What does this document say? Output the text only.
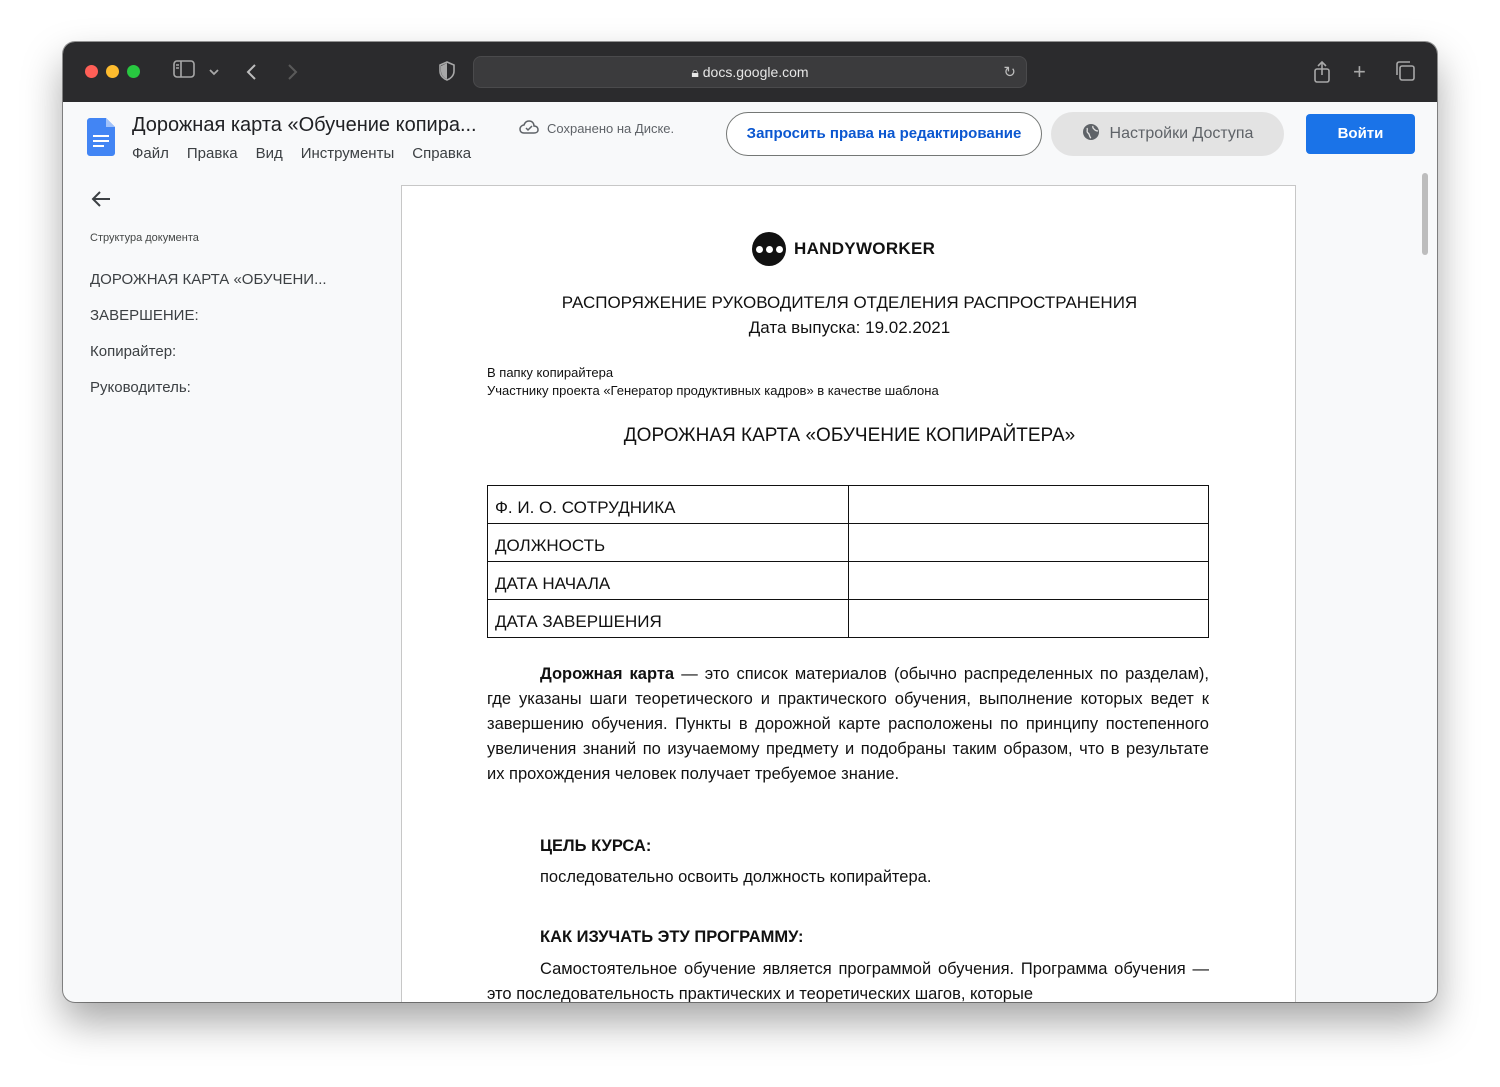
🔒︎ docs.google.com	↻	+
Дорожная карта «Обучение копира...
Файл Правка Вид Инструменты Справка
Сохранено на Диске.	Запросить права на редактирование	Настройки Доступа	Войти
Структура документа
ДОРОЖНАЯ КАРТА «ОБУЧЕНИ...
ЗАВЕРШЕНИЕ:
Копирайтер:
Руководитель:
HANDYWORKER
РАСПОРЯЖЕНИЕ РУКОВОДИТЕЛЯ ОТДЕЛЕНИЯ РАСПРОСТРАНЕНИЯ
Дата выпуска: 19.02.2021
В папку копирайтера
Участнику проекта «Генератор продуктивных кадров» в качестве шаблона
ДОРОЖНАЯ КАРТА «ОБУЧЕНИЕ КОПИРАЙТЕРА»
Ф. И. О. СОТРУДНИКА	
ДОЛЖНОСТЬ	
ДАТА НАЧАЛА	
ДАТА ЗАВЕРШЕНИЯ	
Дорожная карта — это список материалов (обычно распределенных по разделам), где указаны шаги теоретического и практического обучения, выполнение которых ведет к завершению обучения. Пункты в дорожной карте расположены по принципу постепенного увеличения знаний по изучаемому предмету и подобраны таким образом, что в результате их прохождения человек получает требуемое знание.
ЦЕЛЬ КУРСА:
последовательно освоить должность копирайтера.
КАК ИЗУЧАТЬ ЭТУ ПРОГРАММУ:
Самостоятельное обучение является программой обучения. Программа обучения — это последовательность практических и теоретических шагов, которые
